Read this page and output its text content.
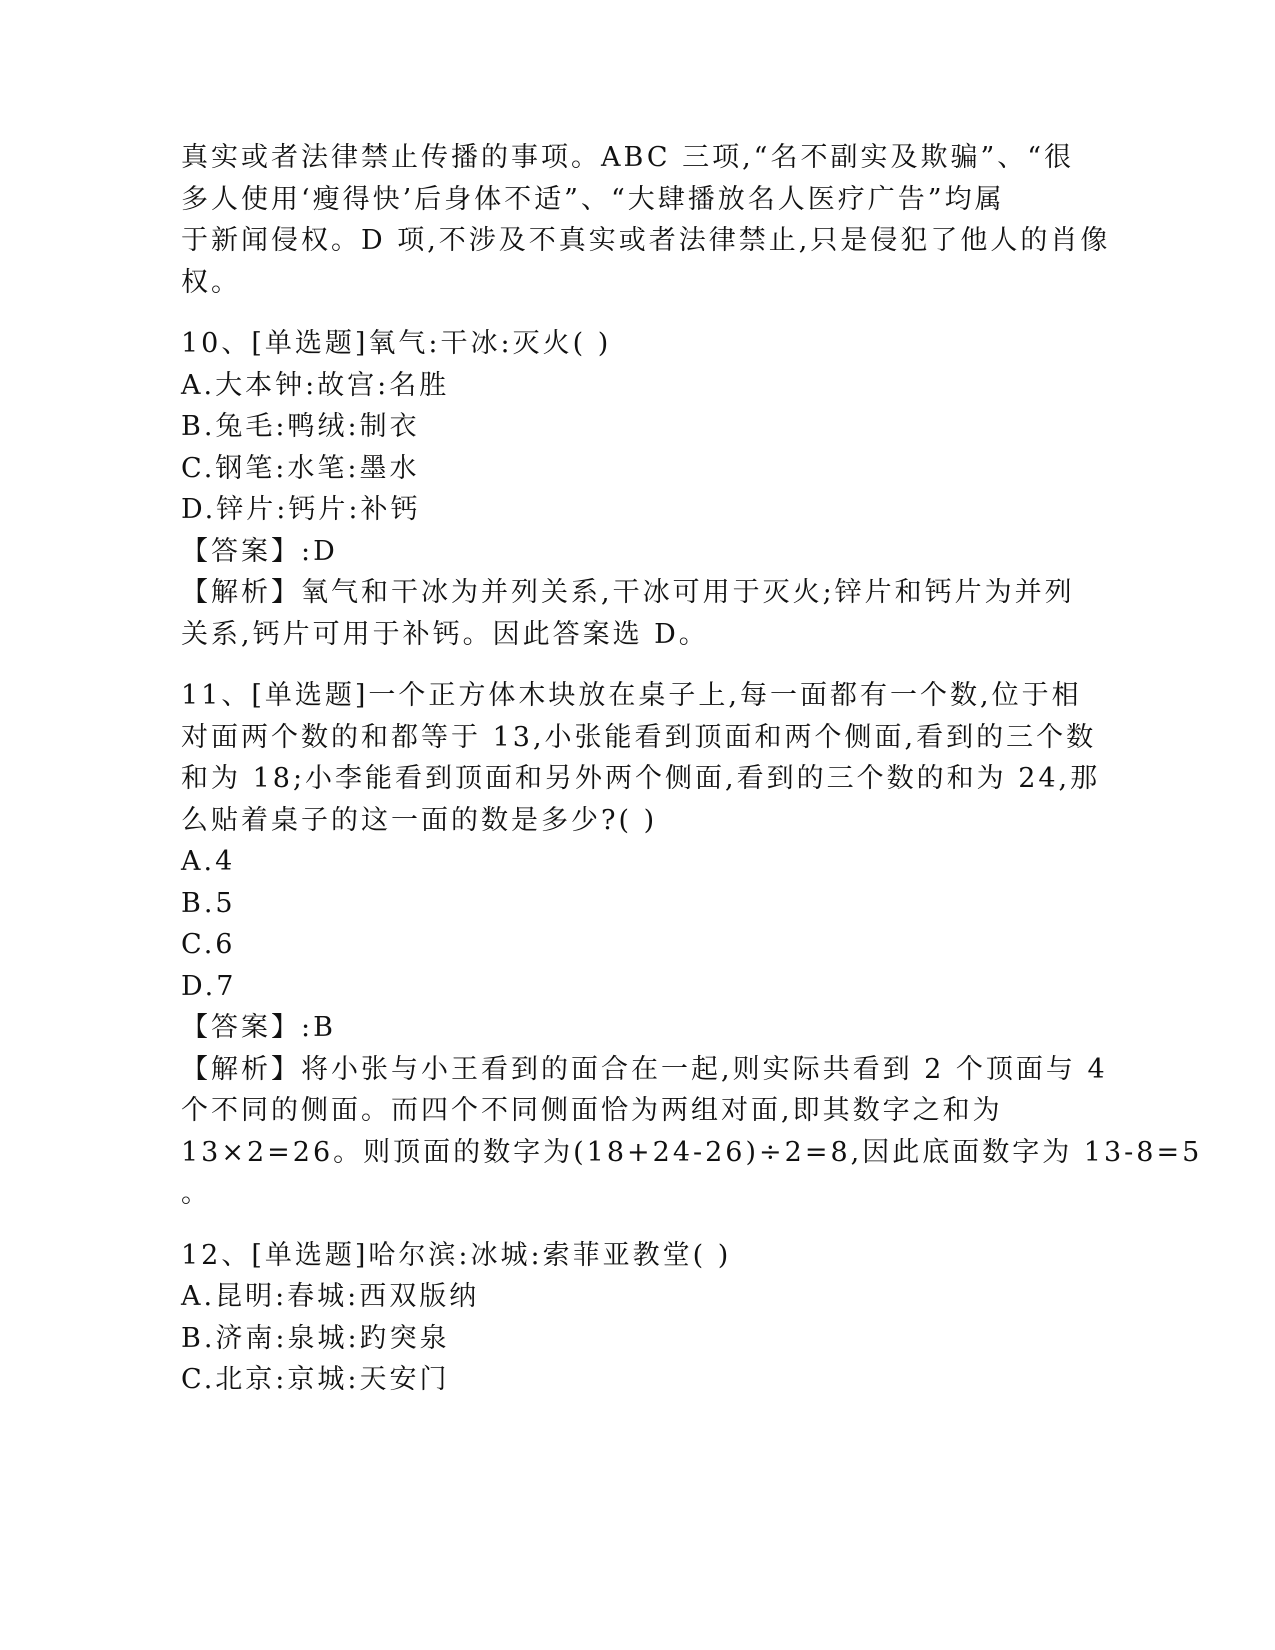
真实或者法律禁止传播的事项。ABC 三项,“名不副实及欺骗”、“很
多人使用‘瘦得快’后身体不适”、“大肆播放名人医疗广告”均属
于新闻侵权。D 项,不涉及不真实或者法律禁止,只是侵犯了他人的肖像
权。
10、[单选题]氧气:干冰:灭火( )
A.大本钟:故宫:名胜
B.兔毛:鸭绒:制衣
C.钢笔:水笔:墨水
D.锌片:钙片:补钙
【答案】:D
【解析】氧气和干冰为并列关系,干冰可用于灭火;锌片和钙片为并列
关系,钙片可用于补钙。因此答案选 D。
11、[单选题]一个正方体木块放在桌子上,每一面都有一个数,位于相
对面两个数的和都等于 13,小张能看到顶面和两个侧面,看到的三个数
和为 18;小李能看到顶面和另外两个侧面,看到的三个数的和为 24,那
么贴着桌子的这一面的数是多少?( )
A.4
B.5
C.6
D.7
【答案】:B
【解析】将小张与小王看到的面合在一起,则实际共看到 2 个顶面与 4
个不同的侧面。而四个不同侧面恰为两组对面,即其数字之和为
13×2=26。则顶面的数字为(18+24-26)÷2=8,因此底面数字为 13-8=5
。
12、[单选题]哈尔滨:冰城:索菲亚教堂( )
A.昆明:春城:西双版纳
B.济南:泉城:趵突泉
C.北京:京城:天安门
